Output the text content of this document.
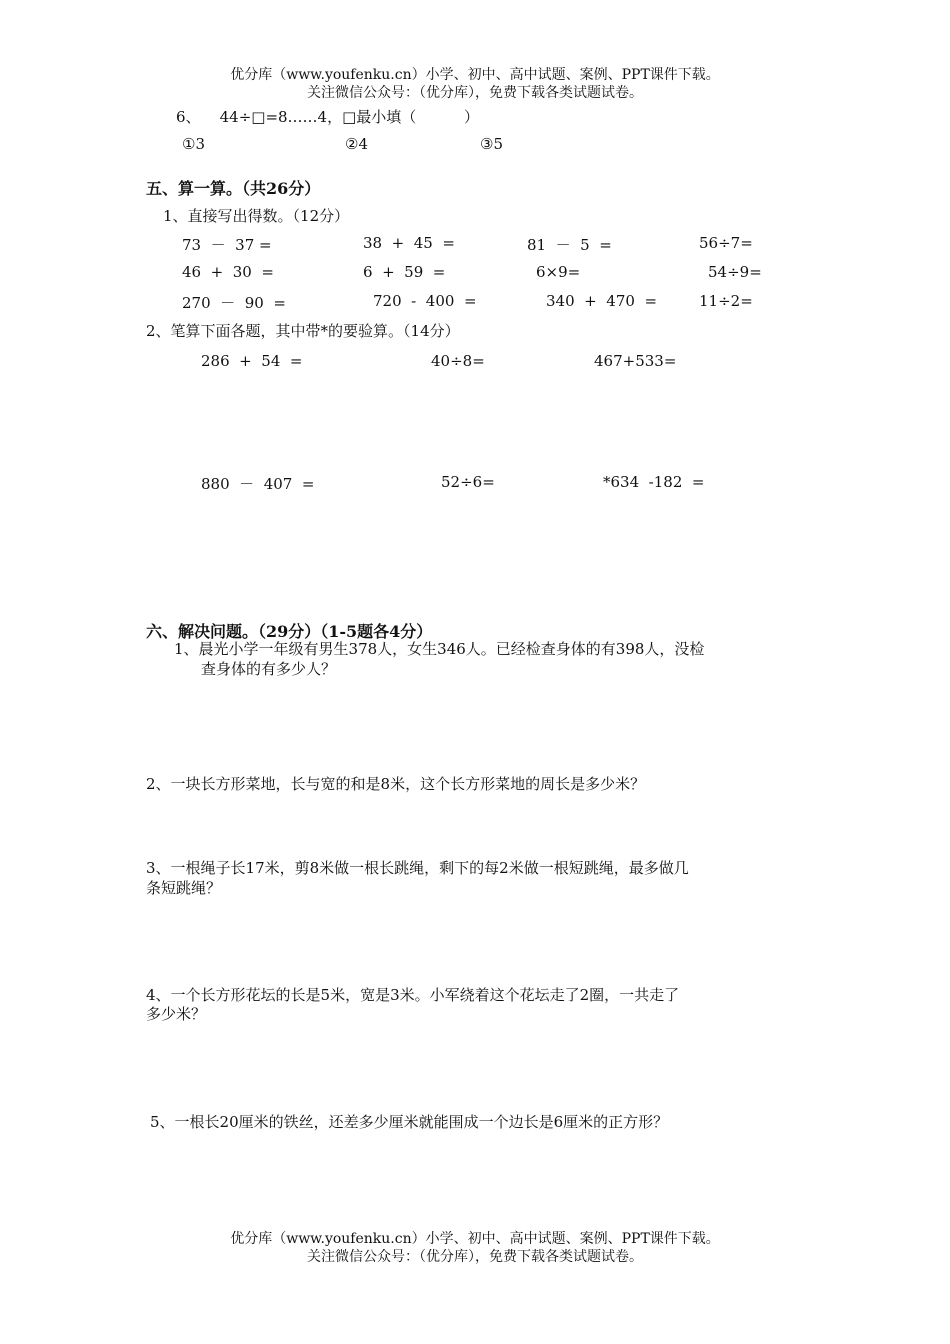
优分库（www.youfenku.cn）小学、初中、高中试题、案例、PPT课件下载。
关注微信公众号：（优分库），免费下载各类试题试卷。
6、    44÷□=8……4，□最小填（          ）
①3	②4	③5
五、算一算。（共26分）
1、直接写出得数。（12分）
73  －  37 =	38  +  45  =	81  －  5  =	56÷7=
46  +  30  =	6  +  59  =	6×9=	54÷9=
270  －  90  =	720  -  400  =	340  +  470  =	11÷2=
2、笔算下面各题，其中带*的要验算。（14分）
286  +  54  =	40÷8=	467+533=
880  －  407  =	52÷6=	*634  -182  =
六、解决问题。（29分）（1-5题各4分）
1、晨光小学一年级有男生378人，女生346人。已经检查身体的有398人，没检
查身体的有多少人？
2、一块长方形菜地，长与宽的和是8米，这个长方形菜地的周长是多少米？
3、一根绳子长17米，剪8米做一根长跳绳，剩下的每2米做一根短跳绳，最多做几
条短跳绳？
4、一个长方形花坛的长是5米，宽是3米。小军绕着这个花坛走了2圈，一共走了
多少米？
5、一根长20厘米的铁丝，还差多少厘米就能围成一个边长是6厘米的正方形？
优分库（www.youfenku.cn）小学、初中、高中试题、案例、PPT课件下载。
关注微信公众号：（优分库），免费下载各类试题试卷。
